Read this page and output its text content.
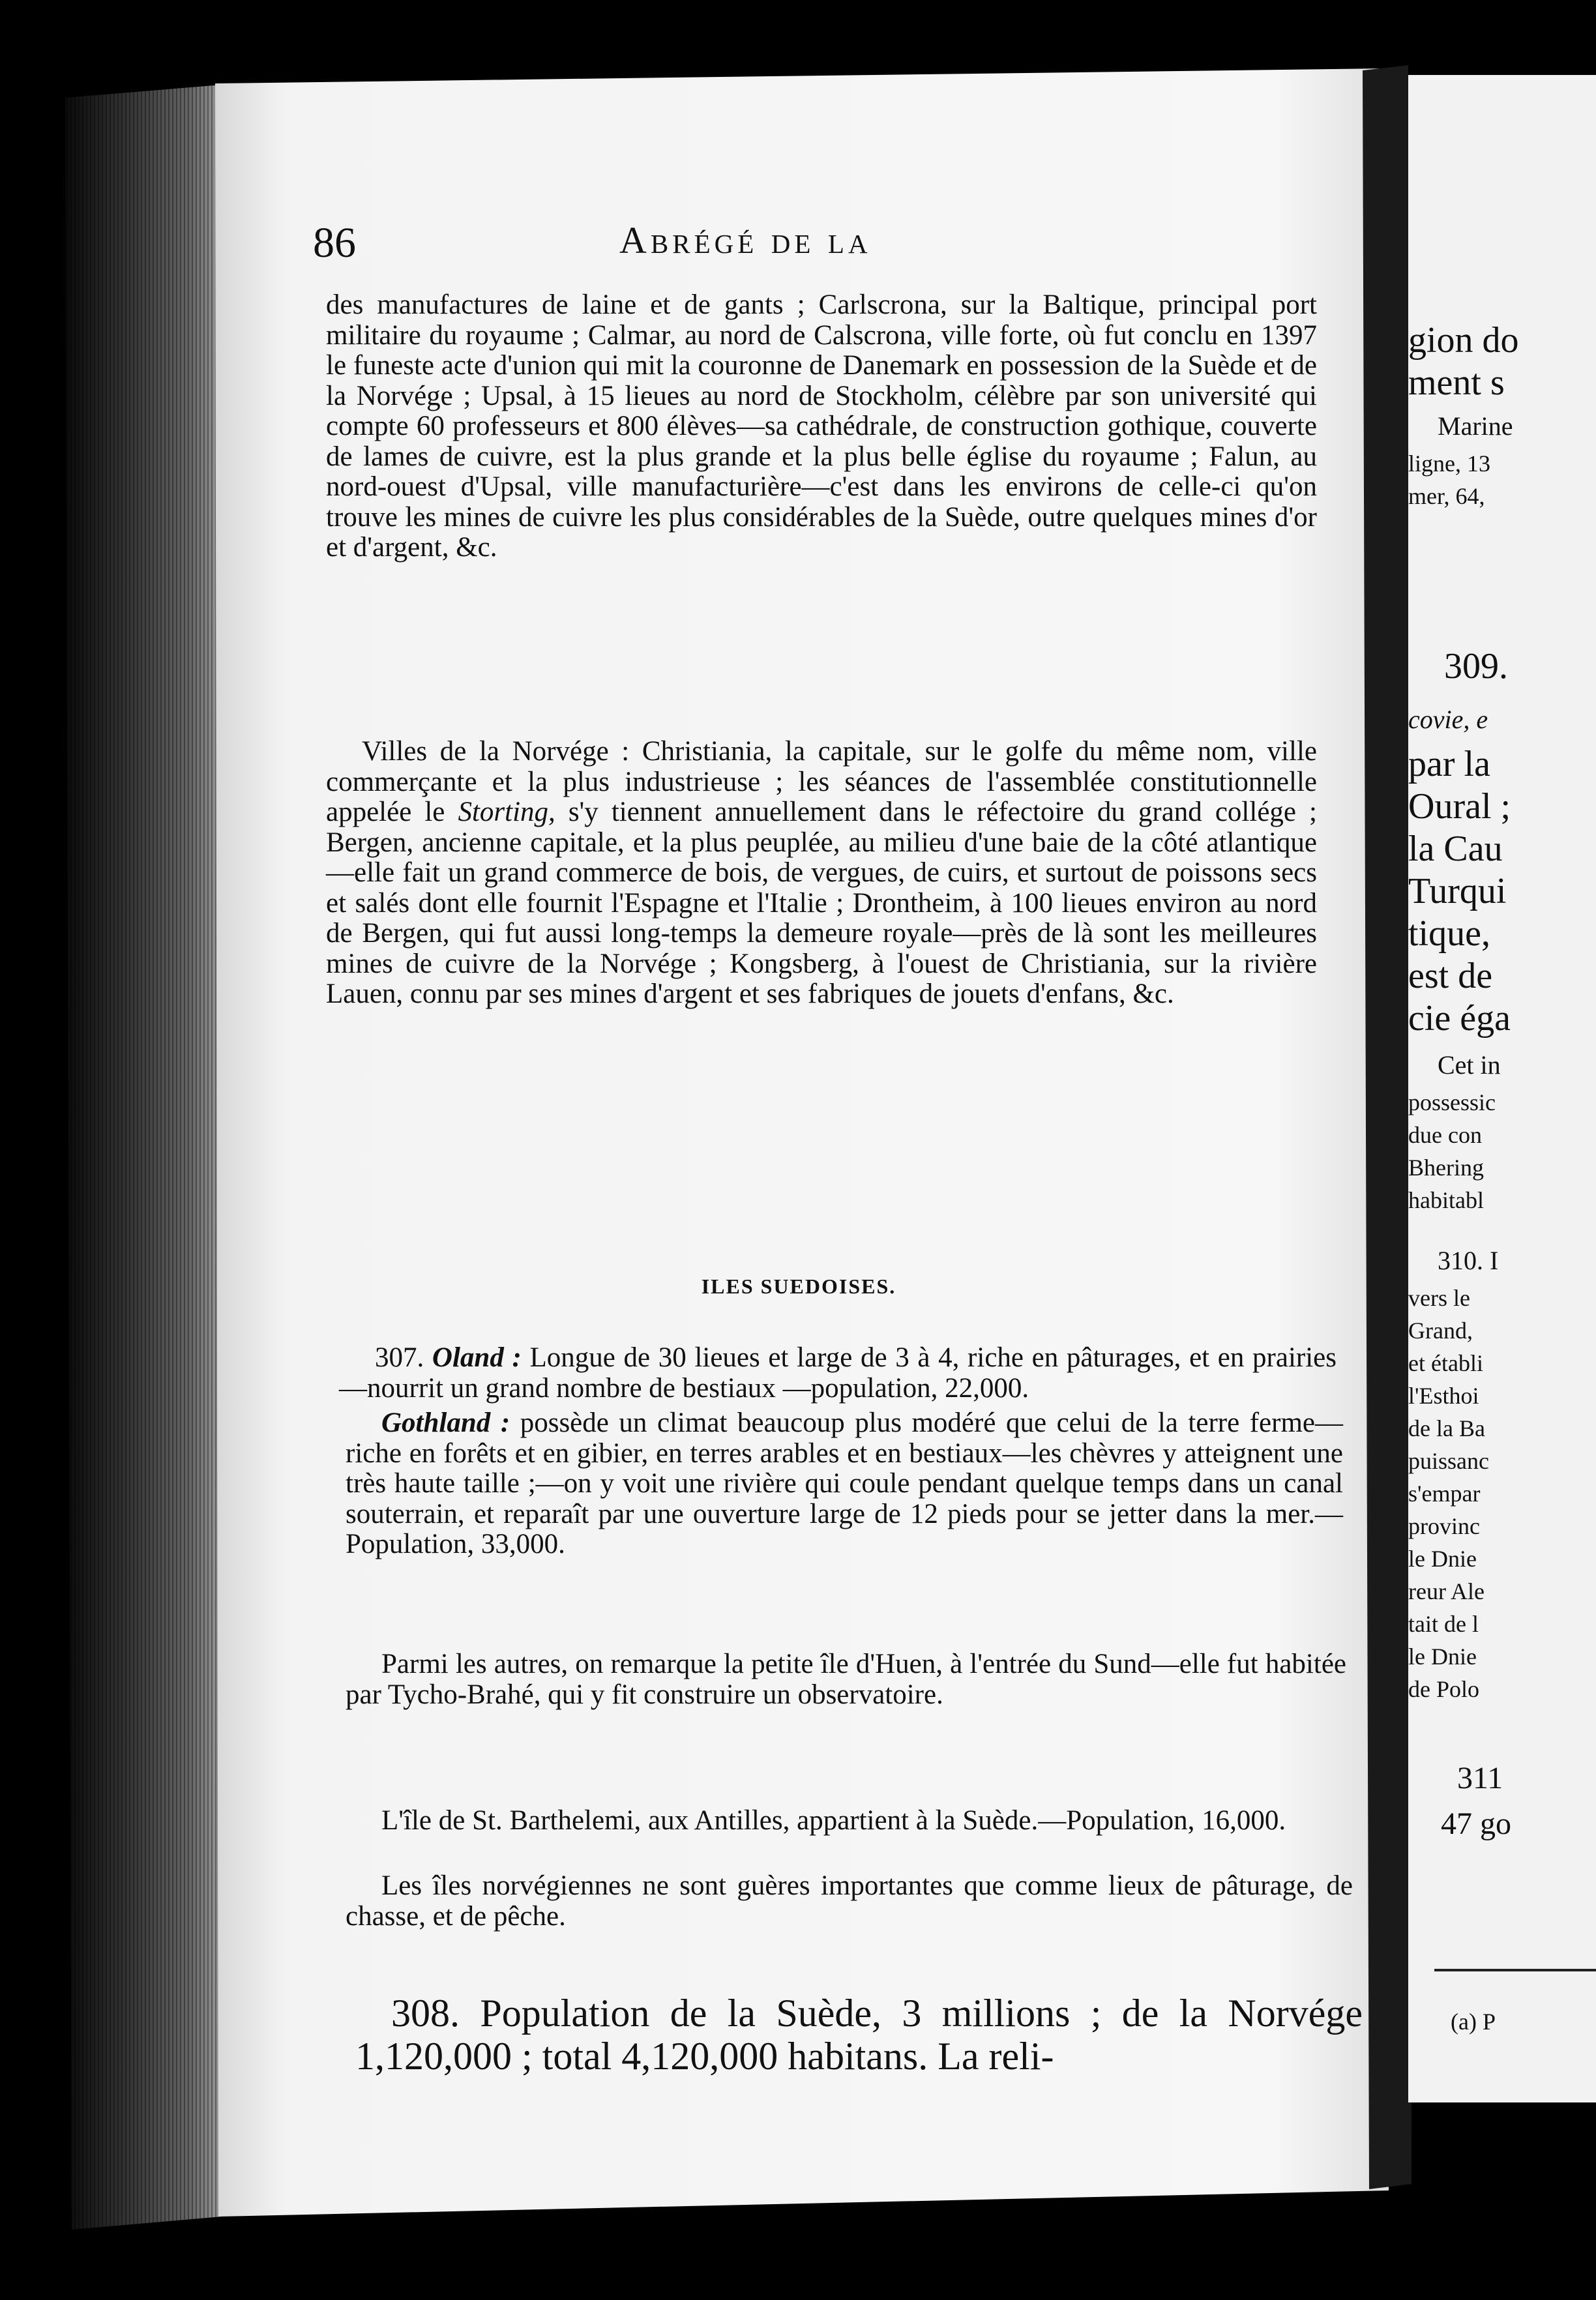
86	Abrégé de la

des manufactures de laine et de gants ; Carlscrona, sur la Baltique, principal port militaire du royaume ; Calmar, au nord de Calscrona, ville forte, où fut conclu en 1397 le funeste acte d'union qui mit la couronne de Danemark en possession de la Suède et de la Norvége ; Upsal, à 15 lieues au nord de Stockholm, célèbre par son université qui compte 60 professeurs et 800 élèves—sa cathédrale, de construction gothique, couverte de lames de cuivre, est la plus grande et la plus belle église du royaume ; Falun, au nord-ouest d'Upsal, ville manufacturière—c'est dans les environs de celle-ci qu'on trouve les mines de cuivre les plus considérables de la Suède, outre quelques mines d'or et d'argent, &c.

Villes de la Norvége : Christiania, la capitale, sur le golfe du même nom, ville commerçante et la plus industrieuse ; les séances de l'assemblée constitutionnelle appelée le Storting, s'y tiennent annuellement dans le réfectoire du grand collége ; Bergen, ancienne capitale, et la plus peuplée, au milieu d'une baie de la côté atlantique—elle fait un grand commerce de bois, de vergues, de cuirs, et surtout de poissons secs et salés dont elle fournit l'Espagne et l'Italie ; Drontheim, à 100 lieues environ au nord de Bergen, qui fut aussi long-temps la demeure royale—près de là sont les meilleures mines de cuivre de la Norvége ; Kongsberg, à l'ouest de Christiania, sur la rivière Lauen, connu par ses mines d'argent et ses fabriques de jouets d'enfans, &c.

ILES SUEDOISES.

307. Oland : Longue de 30 lieues et large de 3 à 4, riche en pâturages, et en prairies—nourrit un grand nombre de bestiaux —population, 22,000.

Gothland : possède un climat beaucoup plus modéré que celui de la terre ferme—riche en forêts et en gibier, en terres arables et en bestiaux—les chèvres y atteignent une très haute taille ;—on y voit une rivière qui coule pendant quelque temps dans un canal souterrain, et reparaît par une ouverture large de 12 pieds pour se jetter dans la mer.—Population, 33,000.

Parmi les autres, on remarque la petite île d'Huen, à l'entrée du Sund—elle fut habitée par Tycho-Brahé, qui y fit construire un observatoire.

L'île de St. Barthelemi, aux Antilles, appartient à la Suède.—Population, 16,000.

Les îles norvégiennes ne sont guères importantes que comme lieux de pâturage, de chasse, et de pêche.

308. Population de la Suède, 3 millions ; de la Norvége 1,120,000 ; total 4,120,000 habitans. La reli-

gion do

ment s

Marine

ligne, 13

mer, 64,

309.

covie, e

par la

Oural ;

la Cau

Turqui

tique,

est de

cie éga

Cet in

possessic

due con

Bhering

habitabl

310. I

vers le

Grand,

et établi

l'Esthoi

de la Ba

puissanc

s'empar

provinc

le Dnie

reur Ale

tait de l

le Dnie

de Polo

311

47 go

(a) P
